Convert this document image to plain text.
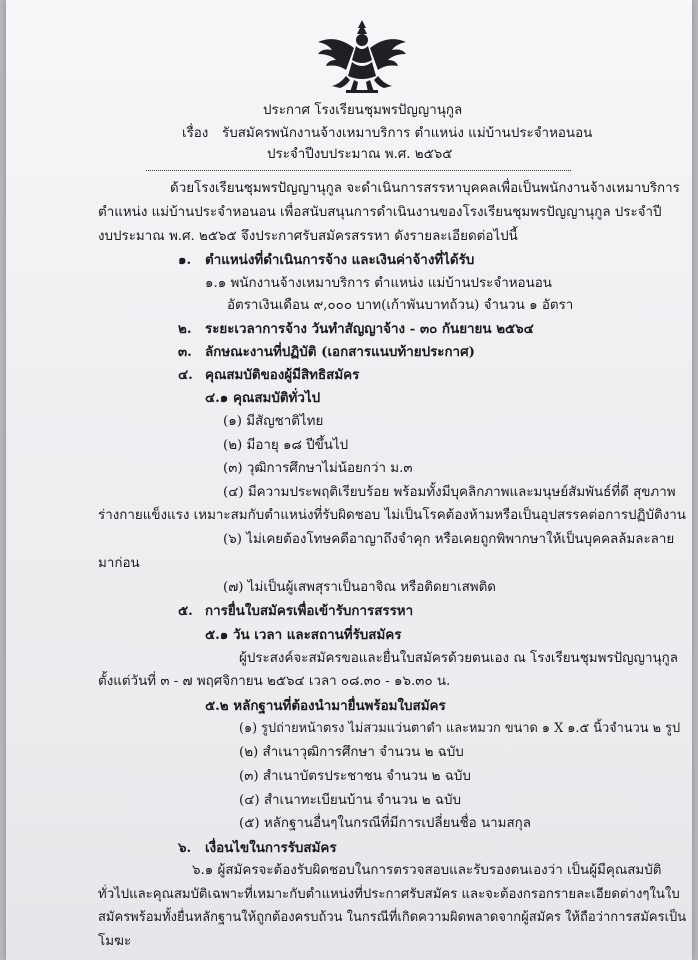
ประกาศ โรงเรียนชุมพรปัญญานุกูล
เรื่อง รับสมัครพนักงานจ้างเหมาบริการ ตำแหน่ง แม่บ้านประจำหอนอน
ประจำปีงบประมาณ พ.ศ. ๒๕๖๕
ด้วยโรงเรียนชุมพรปัญญานุกูล จะดำเนินการสรรหาบุคคลเพื่อเป็นพนักงานจ้างเหมาบริการ
ตำแหน่ง แม่บ้านประจำหอนอน เพื่อสนับสนุนการดำเนินงานของโรงเรียนชุมพรปัญญานุกูล ประจำปี
งบประมาณ พ.ศ. ๒๕๖๕ จึงประกาศรับสมัครสรรหา ดังรายละเอียดต่อไปนี้
๑. ตำแหน่งที่ดำเนินการจ้าง และเงินค่าจ้างที่ได้รับ
๑.๑ พนักงานจ้างเหมาบริการ ตำแหน่ง แม่บ้านประจำหอนอน
อัตราเงินเดือน ๙,๐๐๐ บาท(เก้าพันบาทถ้วน) จำนวน ๑ อัตรา
๒. ระยะเวลาการจ้าง วันทำสัญญาจ้าง - ๓๐ กันยายน ๒๕๖๔
๓. ลักษณะงานที่ปฏิบัติ (เอกสารแนบท้ายประกาศ)
๔. คุณสมบัติของผู้มีสิทธิสมัคร
๔.๑ คุณสมบัติทั่วไป
(๑) มีสัญชาติไทย
(๒) มีอายุ ๑๘ ปีขึ้นไป
(๓) วุฒิการศึกษาไม่น้อยกว่า ม.๓
(๔) มีความประพฤติเรียบร้อย พร้อมทั้งมีบุคลิกภาพและมนุษย์สัมพันธ์ที่ดี สุขภาพ
ร่างกายแข็งแรง เหมาะสมกับตำแหน่งที่รับผิดชอบ ไม่เป็นโรคต้องห้ามหรือเป็นอุปสรรคต่อการปฏิบัติงาน
(๖) ไม่เคยต้องโทษคดีอาญาถึงจำคุก หรือเคยถูกพิพากษาให้เป็นบุคคลล้มละลาย
มาก่อน
(๗) ไม่เป็นผู้เสพสุราเป็นอาจิณ หรือติดยาเสพติด
๕. การยื่นใบสมัครเพื่อเข้ารับการสรรหา
๕.๑ วัน เวลา และสถานที่รับสมัคร
ผู้ประสงค์จะสมัครขอและยื่นใบสมัครด้วยตนเอง ณ โรงเรียนชุมพรปัญญานุกูล
ตั้งแต่วันที่ ๓ - ๗ พฤศจิกายน ๒๕๖๔ เวลา ๐๘.๓๐ - ๑๖.๓๐ น.
๕.๒ หลักฐานที่ต้องนำมายื่นพร้อมใบสมัคร
(๑) รูปถ่ายหน้าตรง ไม่สวมแว่นตาดำ และหมวก ขนาด ๑ X ๑.๕ นิ้วจำนวน ๒ รูป
(๒) สำเนาวุฒิการศึกษา จำนวน ๒ ฉบับ
(๓) สำเนาบัตรประชาชน จำนวน ๒ ฉบับ
(๔) สำเนาทะเบียนบ้าน จำนวน ๒ ฉบับ
(๕) หลักฐานอื่นๆในกรณีที่มีการเปลี่ยนชื่อ นามสกุล
๖. เงื่อนไขในการรับสมัคร
๖.๑ ผู้สมัครจะต้องรับผิดชอบในการตรวจสอบและรับรองตนเองว่า เป็นผู้มีคุณสมบัติ
ทั่วไปและคุณสมบัติเฉพาะที่เหมาะกับตำแหน่งที่ประกาศรับสมัคร และจะต้องกรอกรายละเอียดต่างๆในใบ
สมัครพร้อมทั้งยื่นหลักฐานให้ถูกต้องครบถ้วน ในกรณีที่เกิดความผิดพลาดจากผู้สมัคร ให้ถือว่าการสมัครเป็น
โมฆะ
